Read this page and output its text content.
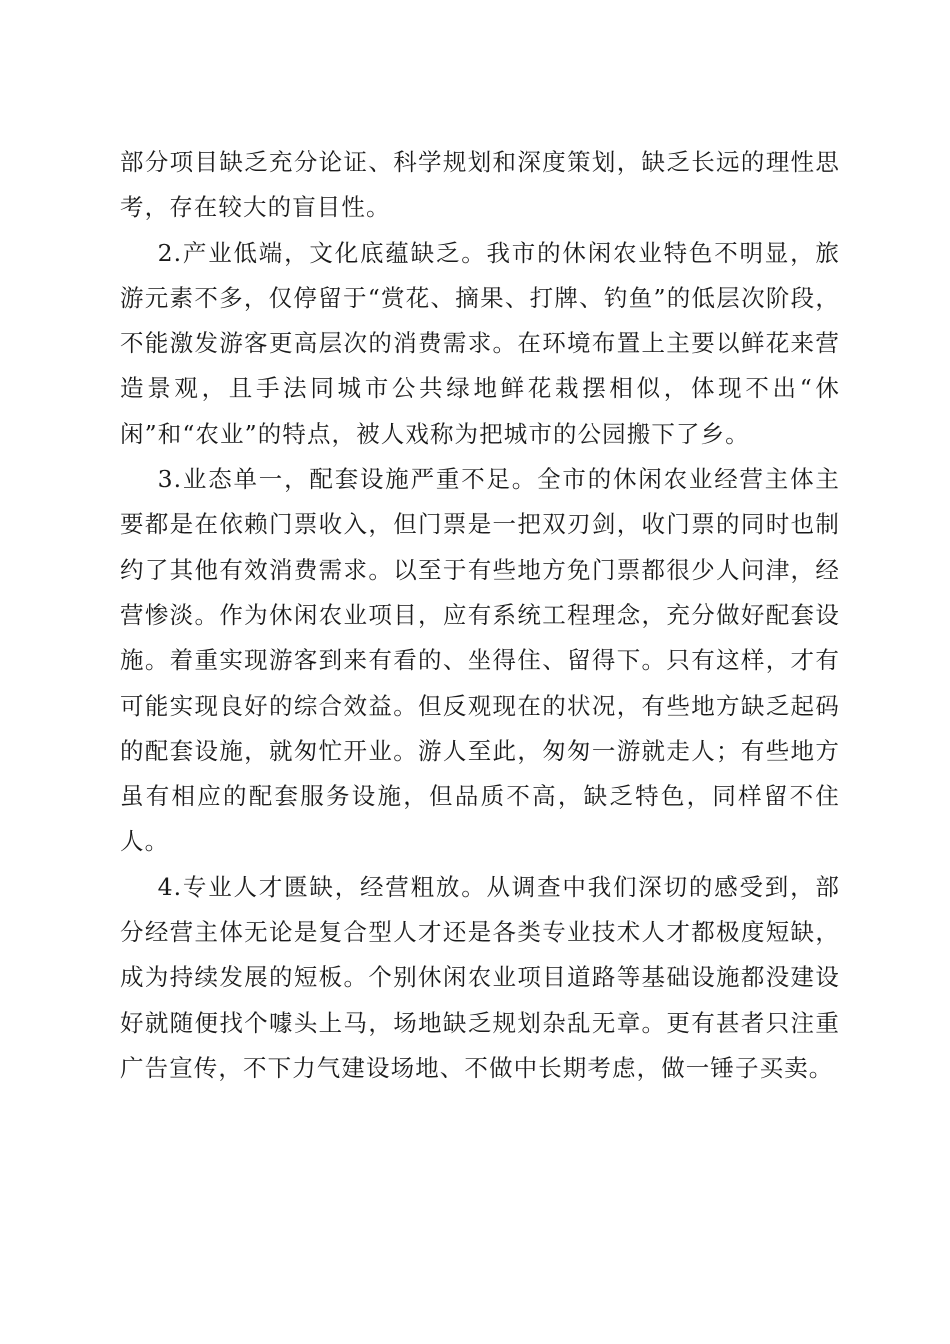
部分项目缺乏充分论证、科学规划和深度策划，缺乏长远的理性思考，存在较大的盲目性。

2.产业低端，文化底蕴缺乏。我市的休闲农业特色不明显，旅游元素不多，仅停留于“赏花、摘果、打牌、钓鱼”的低层次阶段，不能激发游客更高层次的消费需求。在环境布置上主要以鲜花来营造景观，且手法同城市公共绿地鲜花栽摆相似，体现不出“休闲”和“农业”的特点，被人戏称为把城市的公园搬下了乡。

3.业态单一，配套设施严重不足。全市的休闲农业经营主体主要都是在依赖门票收入，但门票是一把双刃剑，收门票的同时也制约了其他有效消费需求。以至于有些地方免门票都很少人问津，经营惨淡。作为休闲农业项目，应有系统工程理念，充分做好配套设施。着重实现游客到来有看的、坐得住、留得下。只有这样，才有可能实现良好的综合效益。但反观现在的状况，有些地方缺乏起码的配套设施，就匆忙开业。游人至此，匆匆一游就走人；有些地方虽有相应的配套服务设施，但品质不高，缺乏特色，同样留不住人。

4.专业人才匮缺，经营粗放。从调查中我们深切的感受到，部分经营主体无论是复合型人才还是各类专业技术人才都极度短缺，成为持续发展的短板。个别休闲农业项目道路等基础设施都没建设好就随便找个噱头上马，场地缺乏规划杂乱无章。更有甚者只注重广告宣传，不下力气建设场地、不做中长期考虑，做一锤子买卖。
